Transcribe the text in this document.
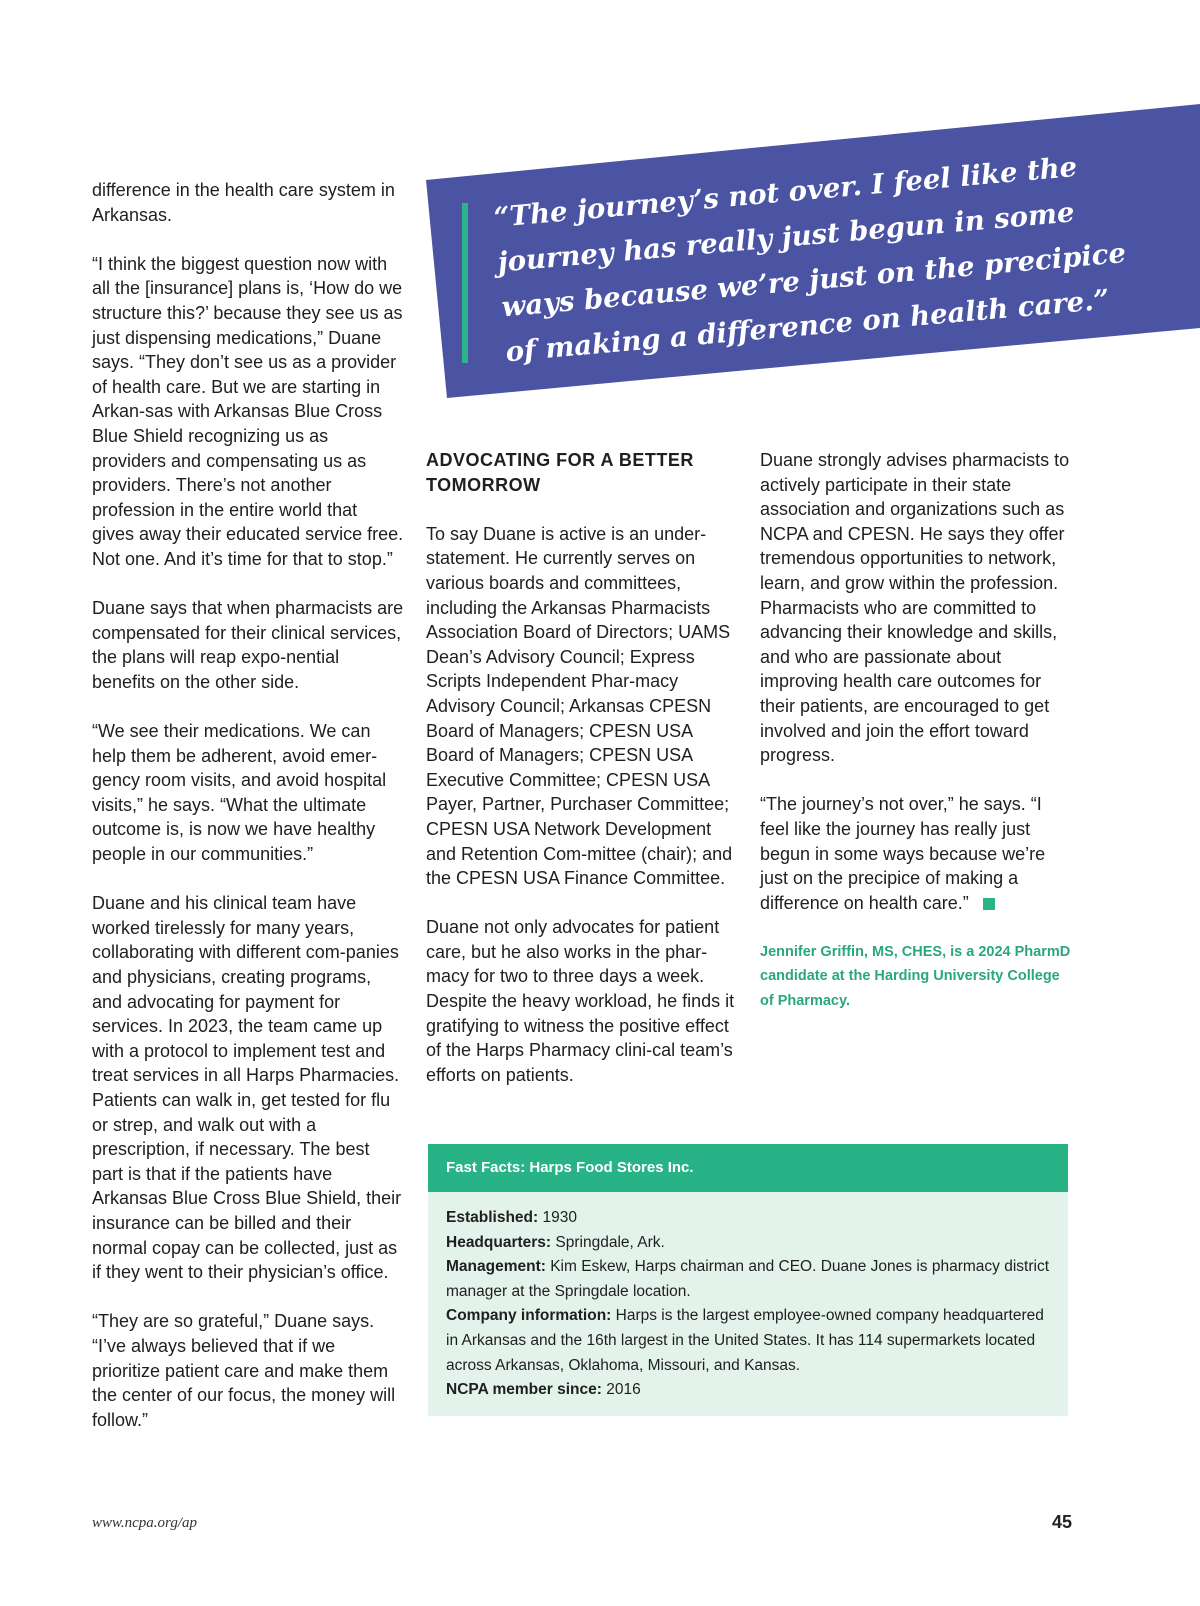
“The journey’s not over. I feel like the journey has really just begun in some ways because we’re just on the precipice of making a difference on health care.”

difference in the health care system in Arkansas.

“I think the biggest question now with all the [insurance] plans is, ‘How do we structure this?’ because they see us as just dispensing medications,” Duane says. “They don’t see us as a provider of health care. But we are starting in Arkan-sas with Arkansas Blue Cross Blue Shield recognizing us as providers and compensating us as providers. There’s not another profession in the entire world that gives away their educated service free. Not one. And it’s time for that to stop.”

Duane says that when pharmacists are compensated for their clinical services, the plans will reap expo-nential benefits on the other side.

“We see their medications. We can help them be adherent, avoid emer-gency room visits, and avoid hospital visits,” he says. “What the ultimate outcome is, is now we have healthy people in our communities.”

Duane and his clinical team have worked tirelessly for many years, collaborating with different com-panies and physicians, creating programs, and advocating for payment for services. In 2023, the team came up with a protocol to implement test and treat services in all Harps Pharmacies. Patients can walk in, get tested for flu or strep, and walk out with a prescription, if necessary. The best part is that if the patients have Arkansas Blue Cross Blue Shield, their insurance can be billed and their normal copay can be collected, just as if they went to their physician’s office.

“They are so grateful,” Duane says. “I’ve always believed that if we prioritize patient care and make them the center of our focus, the money will follow.”

ADVOCATING FOR A BETTER TOMORROW

To say Duane is active is an under-statement. He currently serves on various boards and committees, including the Arkansas Pharmacists Association Board of Directors; UAMS Dean’s Advisory Council; Express Scripts Independent Phar-macy Advisory Council; Arkansas CPESN Board of Managers; CPESN USA Board of Managers; CPESN USA Executive Committee; CPESN USA Payer, Partner, Purchaser Committee; CPESN USA Network Development and Retention Com-mittee (chair); and the CPESN USA Finance Committee.

Duane not only advocates for patient care, but he also works in the phar-macy for two to three days a week. Despite the heavy workload, he finds it gratifying to witness the positive effect of the Harps Pharmacy clini-cal team’s efforts on patients.

Duane strongly advises pharmacists to actively participate in their state association and organizations such as NCPA and CPESN. He says they offer tremendous opportunities to network, learn, and grow within the profession. Pharmacists who are committed to advancing their knowledge and skills, and who are passionate about improving health care outcomes for their patients, are encouraged to get involved and join the effort toward progress.

“The journey’s not over,” he says. “I feel like the journey has really just begun in some ways because we’re just on the precipice of making a difference on health care.”

Jennifer Griffin, MS, CHES, is a 2024 PharmD candidate at the Harding University College of Pharmacy.

Fast Facts: Harps Food Stores Inc.
Established: 1930
Headquarters: Springdale, Ark.
Management: Kim Eskew, Harps chairman and CEO. Duane Jones is pharmacy district manager at the Springdale location.
Company information: Harps is the largest employee-owned company headquartered in Arkansas and the 16th largest in the United States. It has 114 supermarkets located across Arkansas, Oklahoma, Missouri, and Kansas.
NCPA member since: 2016
www.ncpa.org/ap	45
